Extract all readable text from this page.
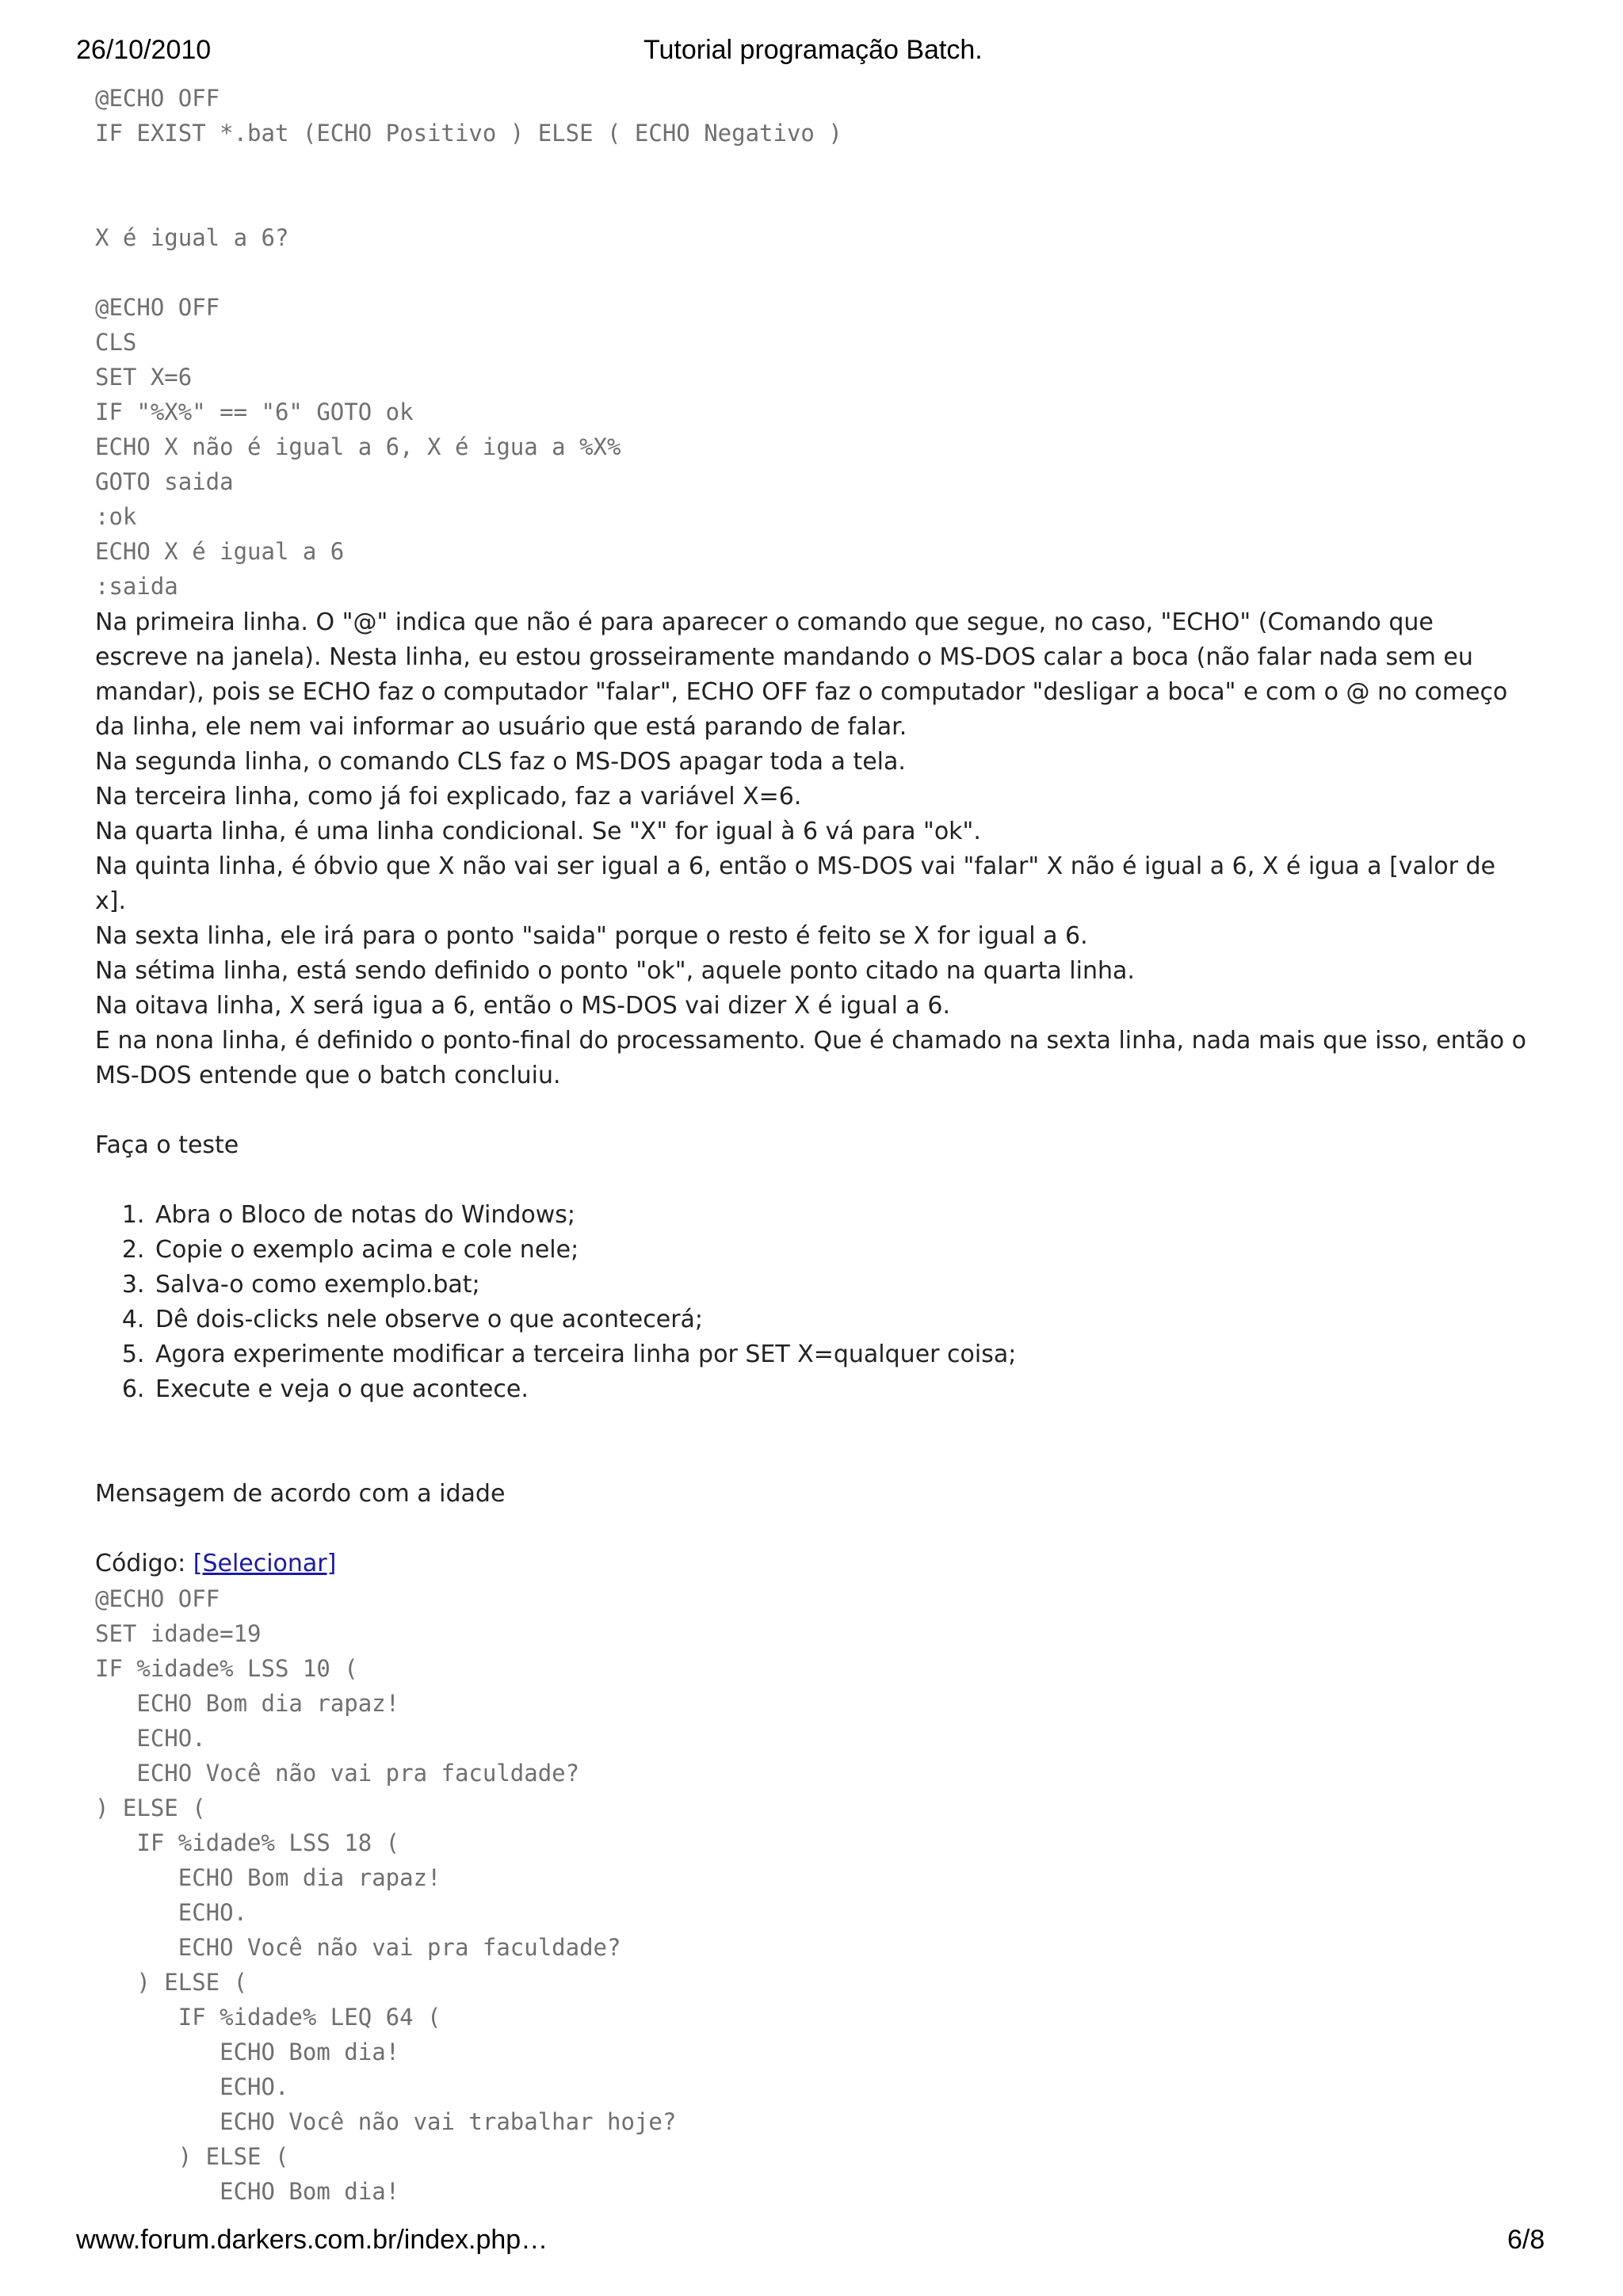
26/10/2010	Tutorial programação Batch.

@ECHO OFF
IF EXIST *.bat (ECHO Positivo ) ELSE ( ECHO Negativo )
X é igual a 6?
@ECHO OFF
CLS
SET X=6
IF "%X%" == "6" GOTO ok
ECHO X não é igual a 6, X é igua a %X%
GOTO saida
:ok
ECHO X é igual a 6
:saida
Na primeira linha. O "@" indica que não é para aparecer o comando que segue, no caso, "ECHO" (Comando que
escreve na janela). Nesta linha, eu estou grosseiramente mandando o MS-DOS calar a boca (não falar nada sem eu
mandar), pois se ECHO faz o computador "falar", ECHO OFF faz o computador "desligar a boca" e com o @ no começo
da linha, ele nem vai informar ao usuário que está parando de falar.
Na segunda linha, o comando CLS faz o MS-DOS apagar toda a tela.
Na terceira linha, como já foi explicado, faz a variável X=6.
Na quarta linha, é uma linha condicional. Se "X" for igual à 6 vá para "ok".
Na quinta linha, é óbvio que X não vai ser igual a 6, então o MS-DOS vai "falar" X não é igual a 6, X é igua a [valor de
x].
Na sexta linha, ele irá para o ponto "saida" porque o resto é feito se X for igual a 6.
Na sétima linha, está sendo definido o ponto "ok", aquele ponto citado na quarta linha.
Na oitava linha, X será igua a 6, então o MS-DOS vai dizer X é igual a 6.
E na nona linha, é definido o ponto-final do processamento. Que é chamado na sexta linha, nada mais que isso, então o
MS-DOS entende que o batch concluiu.
Faça o teste
1. Abra o Bloco de notas do Windows;
2. Copie o exemplo acima e cole nele;
3. Salva-o como exemplo.bat;
4. Dê dois-clicks nele observe o que acontecerá;
5. Agora experimente modificar a terceira linha por SET X=qualquer coisa;
6. Execute e veja o que acontece.
Mensagem de acordo com a idade
Código: [Selecionar]
@ECHO OFF
SET idade=19
IF %idade% LSS 10 (
ECHO Bom dia rapaz!
ECHO.
ECHO Você não vai pra faculdade?
) ELSE (
IF %idade% LSS 18 (
ECHO Bom dia rapaz!
ECHO.
ECHO Você não vai pra faculdade?
) ELSE (
IF %idade% LEQ 64 (
ECHO Bom dia!
ECHO.
ECHO Você não vai trabalhar hoje?
) ELSE (
ECHO Bom dia!
www.forum.darkers.com.br/index.php…	6/8
